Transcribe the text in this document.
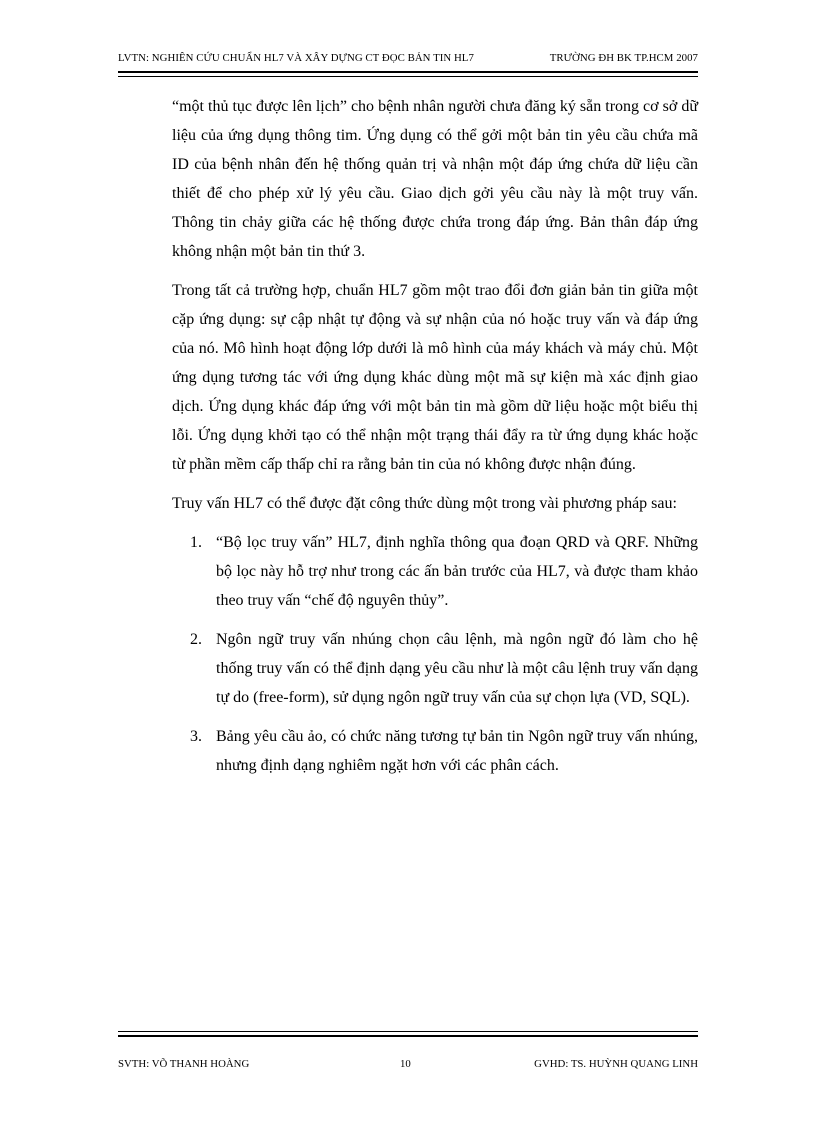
LVTN: NGHIÊN CỨU CHUẨN HL7 VÀ XÂY DỰNG CT ĐỌC BẢN TIN HL7	TRƯỜNG ĐH BK TP.HCM 2007

“một thủ tục được lên lịch” cho bệnh nhân người chưa đăng ký sẵn trong cơ sở dữ liệu của ứng dụng thông tim. Ứng dụng có thể gởi một bản tin yêu cầu chứa mã ID của bệnh nhân đến hệ thống quản trị và nhận một đáp ứng chứa dữ liệu cần thiết để cho phép xử lý yêu cầu. Giao dịch gởi yêu cầu này là một truy vấn. Thông tin chảy giữa các hệ thống được chứa trong đáp ứng. Bản thân đáp ứng không nhận một bản tin thứ 3.

Trong tất cả trường hợp, chuẩn HL7 gồm một trao đổi đơn giản bản tin giữa một cặp ứng dụng: sự cập nhật tự động và sự nhận của nó hoặc truy vấn và đáp ứng của nó. Mô hình hoạt động lớp dưới là mô hình của máy khách và máy chủ. Một ứng dụng tương tác với ứng dụng khác dùng một mã sự kiện mà xác định giao dịch. Ứng dụng khác đáp ứng với một bản tin mà gồm dữ liệu hoặc một biểu thị lỗi. Ứng dụng khởi tạo có thể nhận một trạng thái đẩy ra từ ứng dụng khác hoặc từ phần mềm cấp thấp chỉ ra rằng bản tin của nó không được nhận đúng.

Truy vấn HL7 có thể được đặt công thức dùng một trong vài phương pháp sau:

1. “Bộ lọc truy vấn” HL7, định nghĩa thông qua đoạn QRD và QRF. Những bộ lọc này hỗ trợ như trong các ấn bản trước của HL7, và được tham khảo theo truy vấn “chế độ nguyên thủy”.
2. Ngôn ngữ truy vấn nhúng chọn câu lệnh, mà ngôn ngữ đó làm cho hệ thống truy vấn có thể định dạng yêu cầu như là một câu lệnh truy vấn dạng tự do (free-form), sử dụng ngôn ngữ truy vấn của sự chọn lựa (VD, SQL).
3. Bảng yêu cầu ảo, có chức năng tương tự bản tin Ngôn ngữ truy vấn nhúng, nhưng định dạng nghiêm ngặt hơn với các phân cách.
SVTH: VÕ THANH HOÀNG	10	GVHD: TS. HUỲNH QUANG LINH
